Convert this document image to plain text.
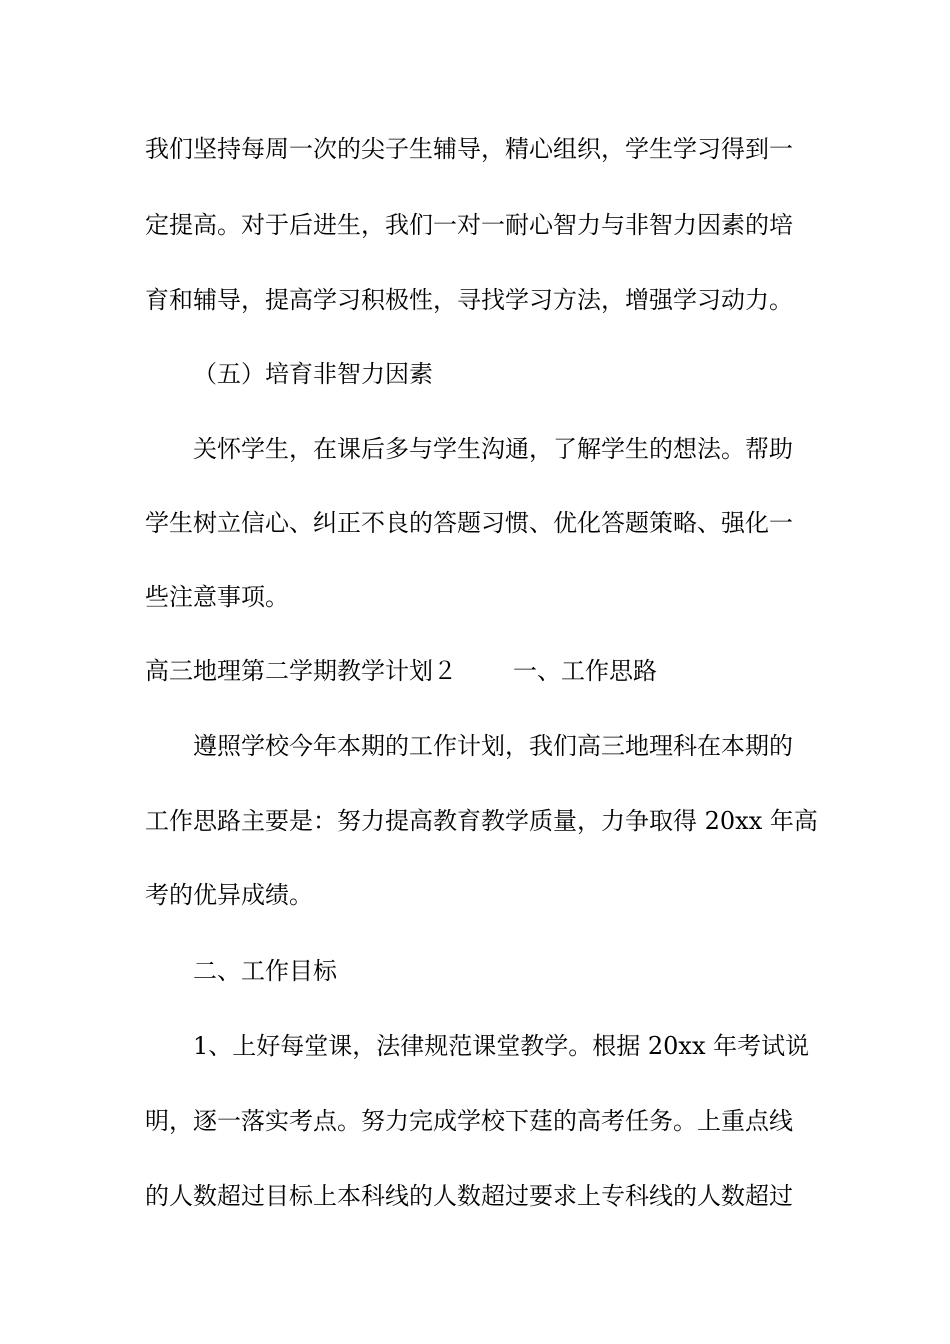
我们坚持每周一次的尖子生辅导，精心组织，学生学习得到一

定提高。对于后进生，我们一对一耐心智力与非智力因素的培

育和辅导，提高学习积极性，寻找学习方法，增强学习动力。

（五）培育非智力因素

关怀学生，在课后多与学生沟通，了解学生的想法。帮助

学生树立信心、纠正不良的答题习惯、优化答题策略、强化一

些注意事项。

高三地理第二学期教学计划２ 一、工作思路

遵照学校今年本期的工作计划，我们高三地理科在本期的

工作思路主要是：努力提高教育教学质量，力争取得 20xx 年高

考的优异成绩。

二、工作目标

1、上好每堂课，法律规范课堂教学。根据 20xx 年考试说

明，逐一落实考点。努力完成学校下莛的高考任务。上重点线

的人数超过目标上本科线的人数超过要求上专科线的人数超过
